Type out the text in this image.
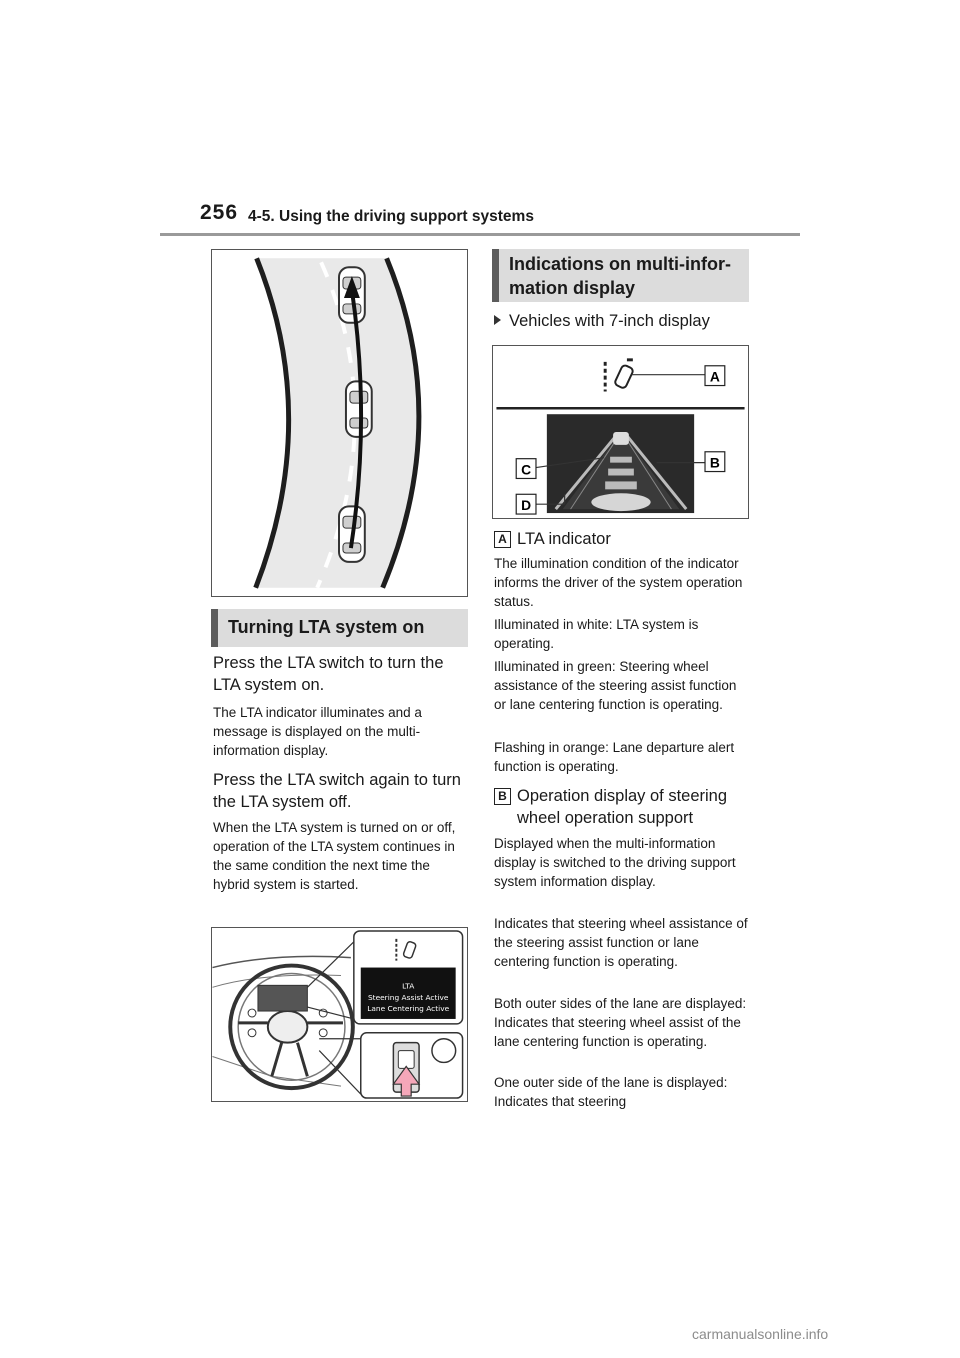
256 4-5. Using the driving support systems
Turning LTA system on
Press the LTA switch to turn the LTA system on.
The LTA indicator illuminates and a message is displayed on the multi-information display.
Press the LTA switch again to turn the LTA system off.
When the LTA system is turned on or off, operation of the LTA system continues in the same condition the next time the hybrid system is started.
LTA
Steering Assist Active
Lane Centering Active
Indications on multi-infor-
mation display
Vehicles with 7-inch display
A
B
C
D
A LTA indicator
The illumination condition of the indicator informs the driver of the system operation status.
Illuminated in white: LTA system is operating.
Illuminated in green: Steering wheel assistance of the steering assist function or lane centering function is operating.
Flashing in orange: Lane departure alert function is operating.
B Operation display of steering
wheel operation support
Displayed when the multi-information display is switched to the driving support system information display.
Indicates that steering wheel assistance of the steering assist function or lane centering function is operating.
Both outer sides of the lane are displayed: Indicates that steering wheel assist of the lane centering function is operating.
One outer side of the lane is displayed: Indicates that steering
carmanualsonline.info
